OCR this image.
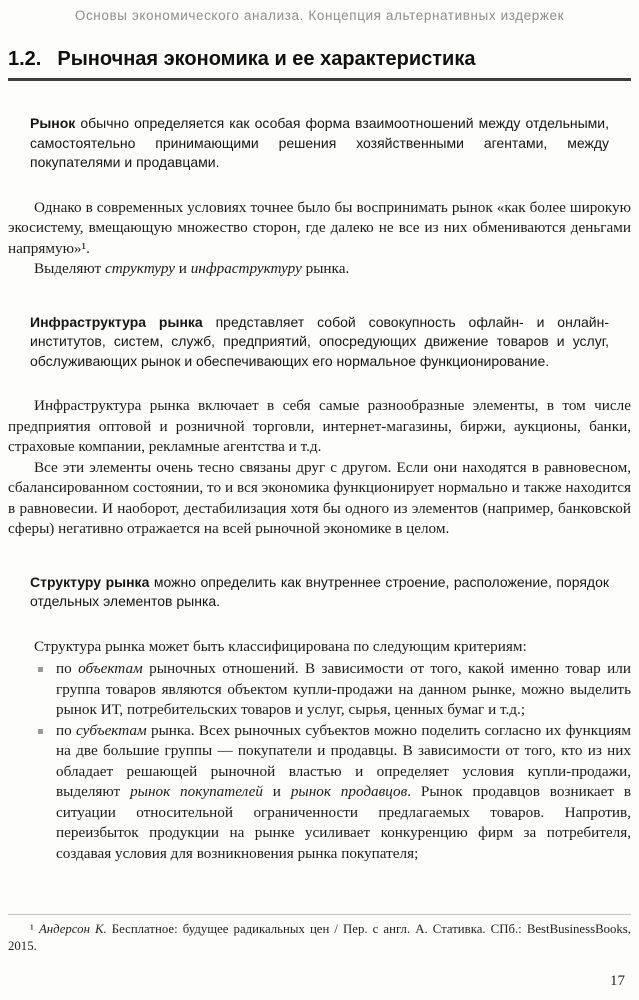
Основы экономического анализа. Концепция альтернативных издержек
1.2. Рыночная экономика и ее характеристика

Рынок обычно определяется как особая форма взаимоотношений между отдельными, самостоятельно принимающими решения хозяйственными агентами, между покупателями и продавцами.

Однако в современных условиях точнее было бы воспринимать рынок «как более широкую экосистему, вмещающую множество сторон, где далеко не все из них обмениваются деньгами напрямую»¹.

Выделяют структуру и инфраструктуру рынка.

Инфраструктура рынка представляет собой совокупность офлайн- и онлайн-институтов, систем, служб, предприятий, опосредующих движение товаров и услуг, обслуживающих рынок и обеспечивающих его нормальное функционирование.

Инфраструктура рынка включает в себя самые разнообразные элементы, в том числе предприятия оптовой и розничной торговли, интернет-магазины, биржи, аукционы, банки, страховые компании, рекламные агентства и т.д.

Все эти элементы очень тесно связаны друг с другом. Если они находятся в равновесном, сбалансированном состоянии, то и вся экономика функционирует нормально и также находится в равновесии. И наоборот, дестабилизация хотя бы одного из элементов (например, банковской сферы) негативно отражается на всей рыночной экономике в целом.

Структуру рынка можно определить как внутреннее строение, расположение, порядок отдельных элементов рынка.

Структура рынка может быть классифицирована по следующим критериям:

по объектам рыночных отношений. В зависимости от того, какой именно товар или группа товаров являются объектом купли-продажи на данном рынке, можно выделить рынок ИТ, потребительских товаров и услуг, сырья, ценных бумаг и т.д.;
по субъектам рынка. Всех рыночных субъектов можно поделить согласно их функциям на две большие группы — покупатели и продавцы. В зависимости от того, кто из них обладает решающей рыночной властью и определяет условия купли-продажи, выделяют рынок покупателей и рынок продавцов. Рынок продавцов возникает в ситуации относительной ограниченности предлагаемых товаров. Напротив, переизбыток продукции на рынке усиливает конкуренцию фирм за потребителя, создавая условия для возникновения рынка покупателя;

¹ Андерсон К. Бесплатное: будущее радикальных цен / Пер. с англ. А. Стативка. СПб.: BestBusinessBooks, 2015.

17
